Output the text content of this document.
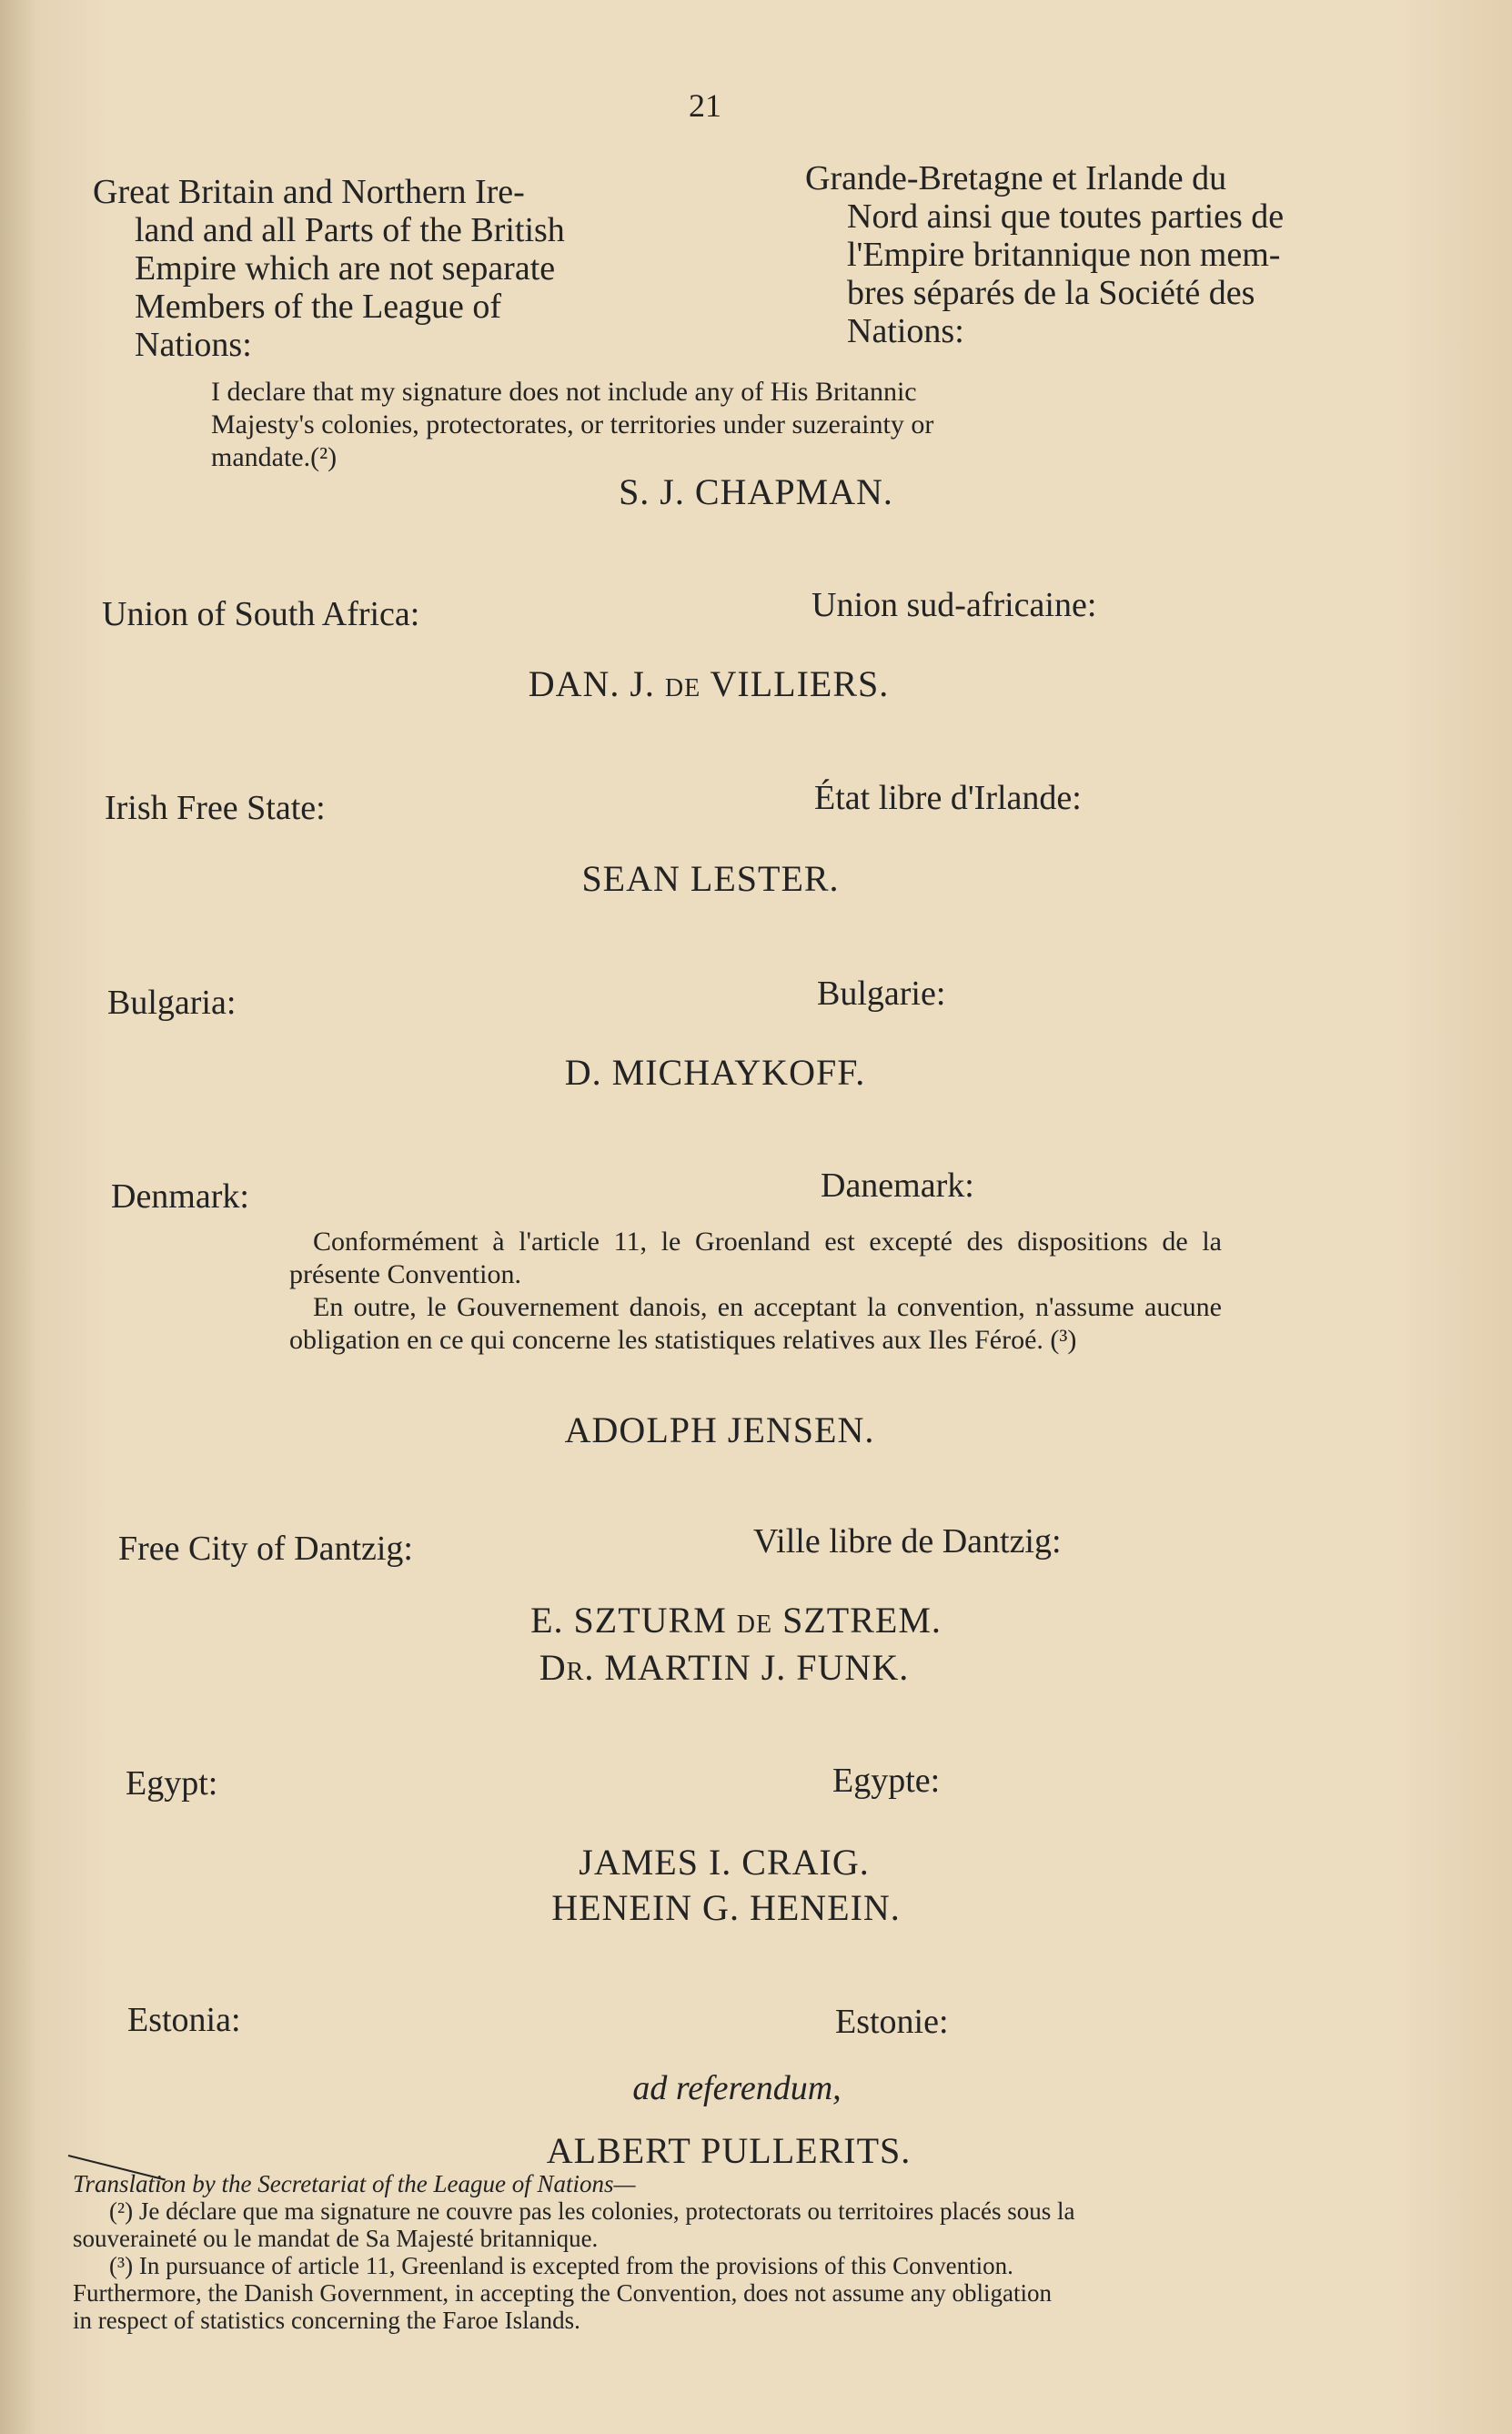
21
Great Britain and Northern Ire-
land and all Parts of the British
Empire which are not separate
Members of the League of
Nations:
Grande-Bretagne et Irlande du
Nord ainsi que toutes parties de
l'Empire britannique non mem-
bres séparés de la Société des
Nations:
I declare that my signature does not include any of His Britannic
Majesty's colonies, protectorates, or territories under suzerainty or
mandate.(²)
S. J. CHAPMAN.
Union of South Africa:	Union sud-africaine:
DAN. J. de VILLIERS.
Irish Free State:	État libre d'Irlande:
SEAN LESTER.
Bulgaria:	Bulgarie:
D. MICHAYKOFF.
Denmark:	Danemark:

Conformément à l'article 11, le Groenland est excepté des dispositions de la présente Convention.

En outre, le Gouvernement danois, en acceptant la convention, n'assume aucune obligation en ce qui concerne les statistiques relatives aux Iles Féroé. (³)

ADOLPH JENSEN.
Free City of Dantzig:	Ville libre de Dantzig:
E. SZTURM de SZTREM.
Dr. MARTIN J. FUNK.
Egypt:	Egypte:
JAMES I. CRAIG.
HENEIN G. HENEIN.
Estonia:	Estonie:
ad referendum,
ALBERT PULLERITS.
Translation by the Secretariat of the League of Nations—
(²) Je déclare que ma signature ne couvre pas les colonies, protectorats ou territoires placés sous la
souveraineté ou le mandat de Sa Majesté britannique.
(³) In pursuance of article 11, Greenland is excepted from the provisions of this Convention.
Furthermore, the Danish Government, in accepting the Convention, does not assume any obligation
in respect of statistics concerning the Faroe Islands.
